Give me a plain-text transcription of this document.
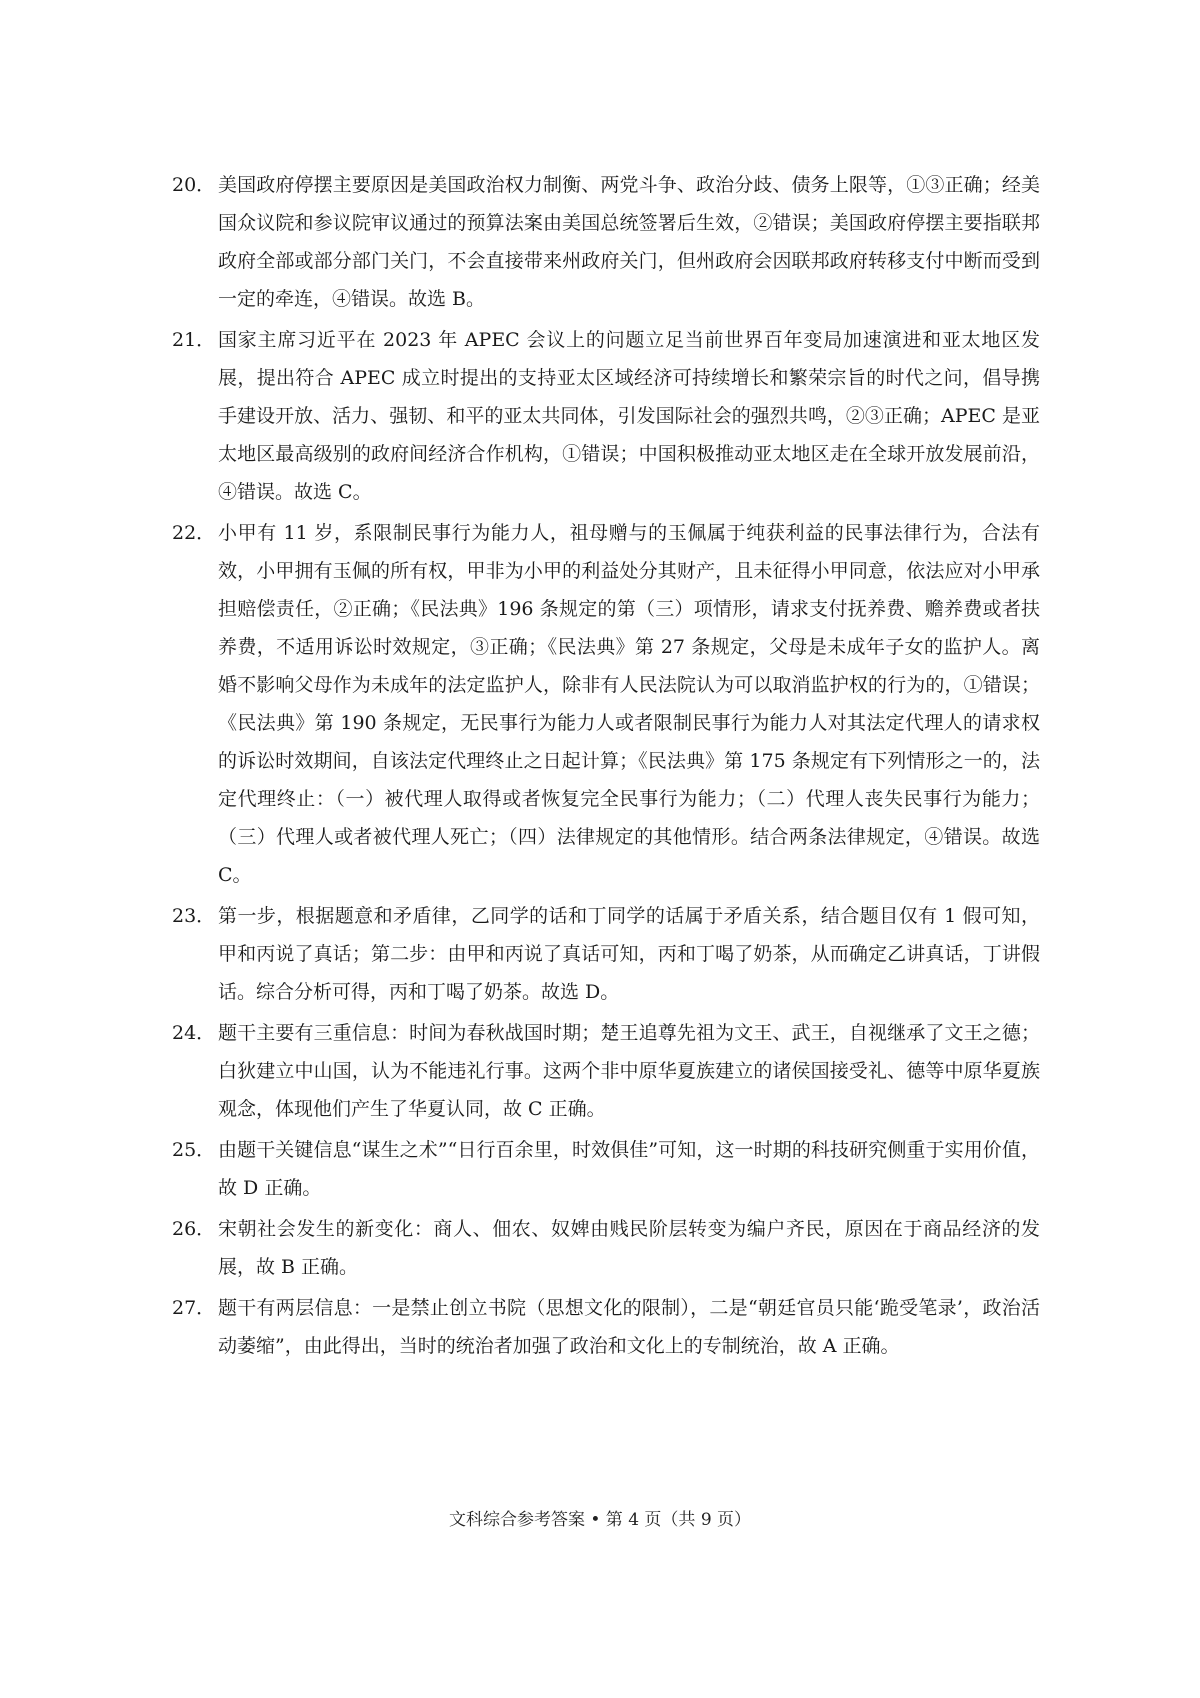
20． 美国政府停摆主要原因是美国政治权力制衡、两党斗争、政治分歧、债务上限等，①③正确；经美国众议院和参议院审议通过的预算法案由美国总统签署后生效，②错误；美国政府停摆主要指联邦政府全部或部分部门关门，不会直接带来州政府关门，但州政府会因联邦政府转移支付中断而受到一定的牵连，④错误。故选 B。
21． 国家主席习近平在 2023 年 APEC 会议上的问题立足当前世界百年变局加速演进和亚太地区发展，提出符合 APEC 成立时提出的支持亚太区域经济可持续增长和繁荣宗旨的时代之问，倡导携手建设开放、活力、强韧、和平的亚太共同体，引发国际社会的强烈共鸣，②③正确；APEC 是亚太地区最高级别的政府间经济合作机构，①错误；中国积极推动亚太地区走在全球开放发展前沿，④错误。故选 C。
22． 小甲有 11 岁，系限制民事行为能力人，祖母赠与的玉佩属于纯获利益的民事法律行为，合法有效，小甲拥有玉佩的所有权，甲非为小甲的利益处分其财产，且未征得小甲同意，依法应对小甲承担赔偿责任，②正确；《民法典》196 条规定的第（三）项情形，请求支付抚养费、赡养费或者扶养费，不适用诉讼时效规定，③正确；《民法典》第 27 条规定，父母是未成年子女的监护人。离婚不影响父母作为未成年的法定监护人，除非有人民法院认为可以取消监护权的行为的，①错误；《民法典》第 190 条规定，无民事行为能力人或者限制民事行为能力人对其法定代理人的请求权的诉讼时效期间，自该法定代理终止之日起计算；《民法典》第 175 条规定有下列情形之一的，法定代理终止：（一）被代理人取得或者恢复完全民事行为能力；（二）代理人丧失民事行为能力；（三）代理人或者被代理人死亡；（四）法律规定的其他情形。结合两条法律规定，④错误。故选 C。
23． 第一步，根据题意和矛盾律，乙同学的话和丁同学的话属于矛盾关系，结合题目仅有 1 假可知，甲和丙说了真话；第二步：由甲和丙说了真话可知，丙和丁喝了奶茶，从而确定乙讲真话，丁讲假话。综合分析可得，丙和丁喝了奶茶。故选 D。
24． 题干主要有三重信息：时间为春秋战国时期；楚王追尊先祖为文王、武王，自视继承了文王之德；白狄建立中山国，认为不能违礼行事。这两个非中原华夏族建立的诸侯国接受礼、德等中原华夏族观念，体现他们产生了华夏认同，故 C 正确。
25． 由题干关键信息“谋生之术”“日行百余里，时效俱佳”可知，这一时期的科技研究侧重于实用价值，故 D 正确。
26． 宋朝社会发生的新变化：商人、佃农、奴婢由贱民阶层转变为编户齐民，原因在于商品经济的发展，故 B 正确。
27． 题干有两层信息：一是禁止创立书院（思想文化的限制），二是“朝廷官员只能‘跪受笔录’，政治活动萎缩”，由此得出，当时的统治者加强了政治和文化上的专制统治，故 A 正确。
文科综合参考答案 • 第 4 页（共 9 页）
